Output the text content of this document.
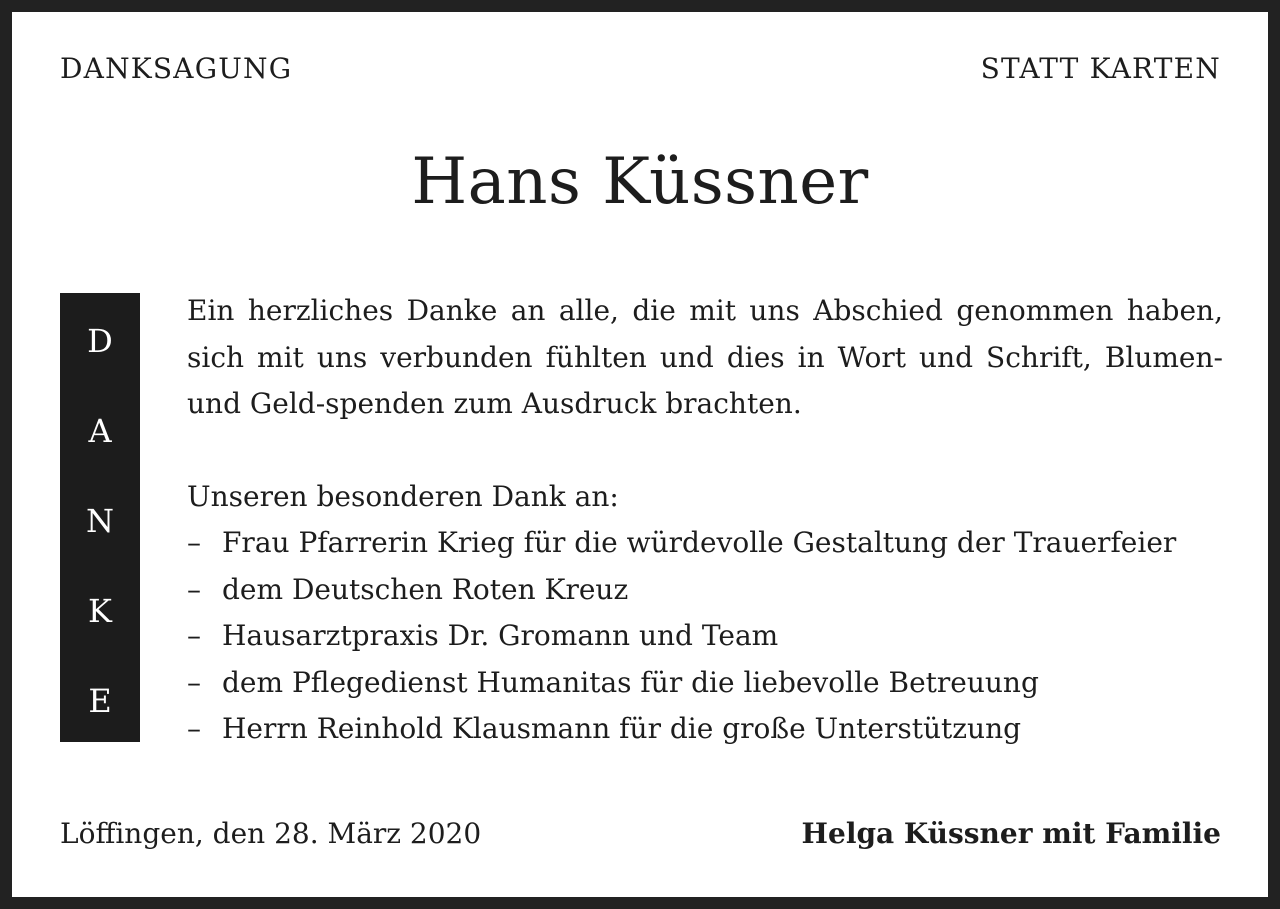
DANKSAGUNG	STATT KARTEN
Hans Küssner
D
A
N
K
E
Ein herzliches Danke an alle, die mit uns Abschied genommen haben, sich mit uns verbunden fühlten und dies in Wort und Schrift, Blumen- und Geld-spenden zum Ausdruck brachten.
Unseren besonderen Dank an:
– Frau Pfarrerin Krieg für die würdevolle Gestaltung der Trauerfeier
– dem Deutschen Roten Kreuz
– Hausarztpraxis Dr. Gromann und Team
– dem Pflegedienst Humanitas für die liebevolle Betreuung
– Herrn Reinhold Klausmann für die große Unterstützung
Löffingen, den 28. März 2020	Helga Küssner mit Familie
